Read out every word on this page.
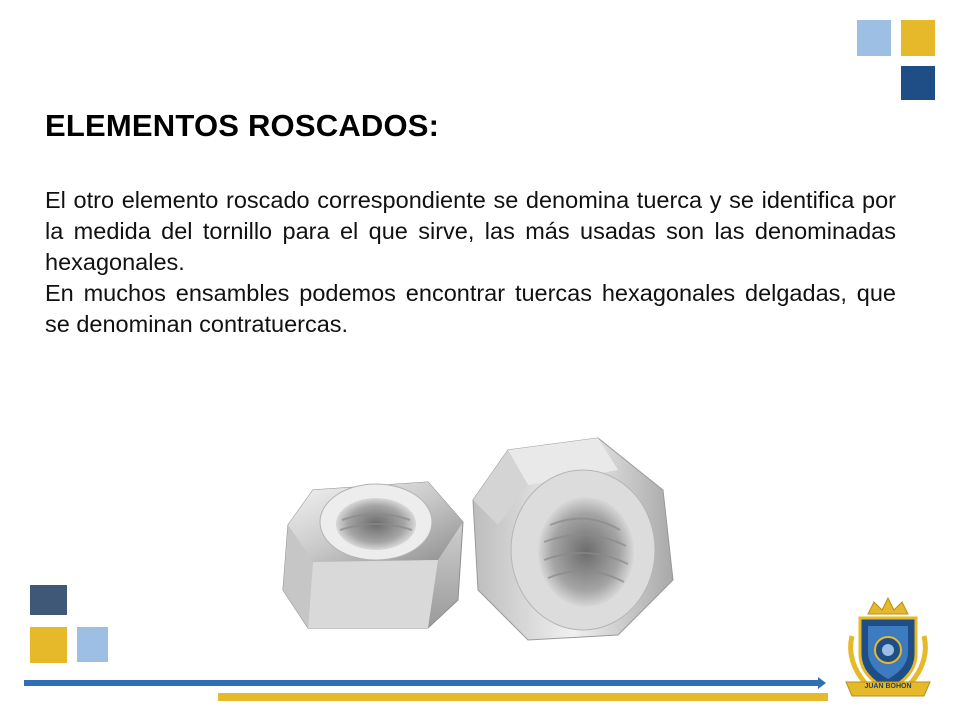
ELEMENTOS ROSCADOS:

El otro elemento roscado correspondiente se denomina tuerca y se identifica por la medida del tornillo para el que sirve, las más usadas son las denominadas hexagonales.

En muchos ensambles podemos encontrar tuercas hexagonales delgadas, que se denominan contratuercas.

JUAN BOHON
